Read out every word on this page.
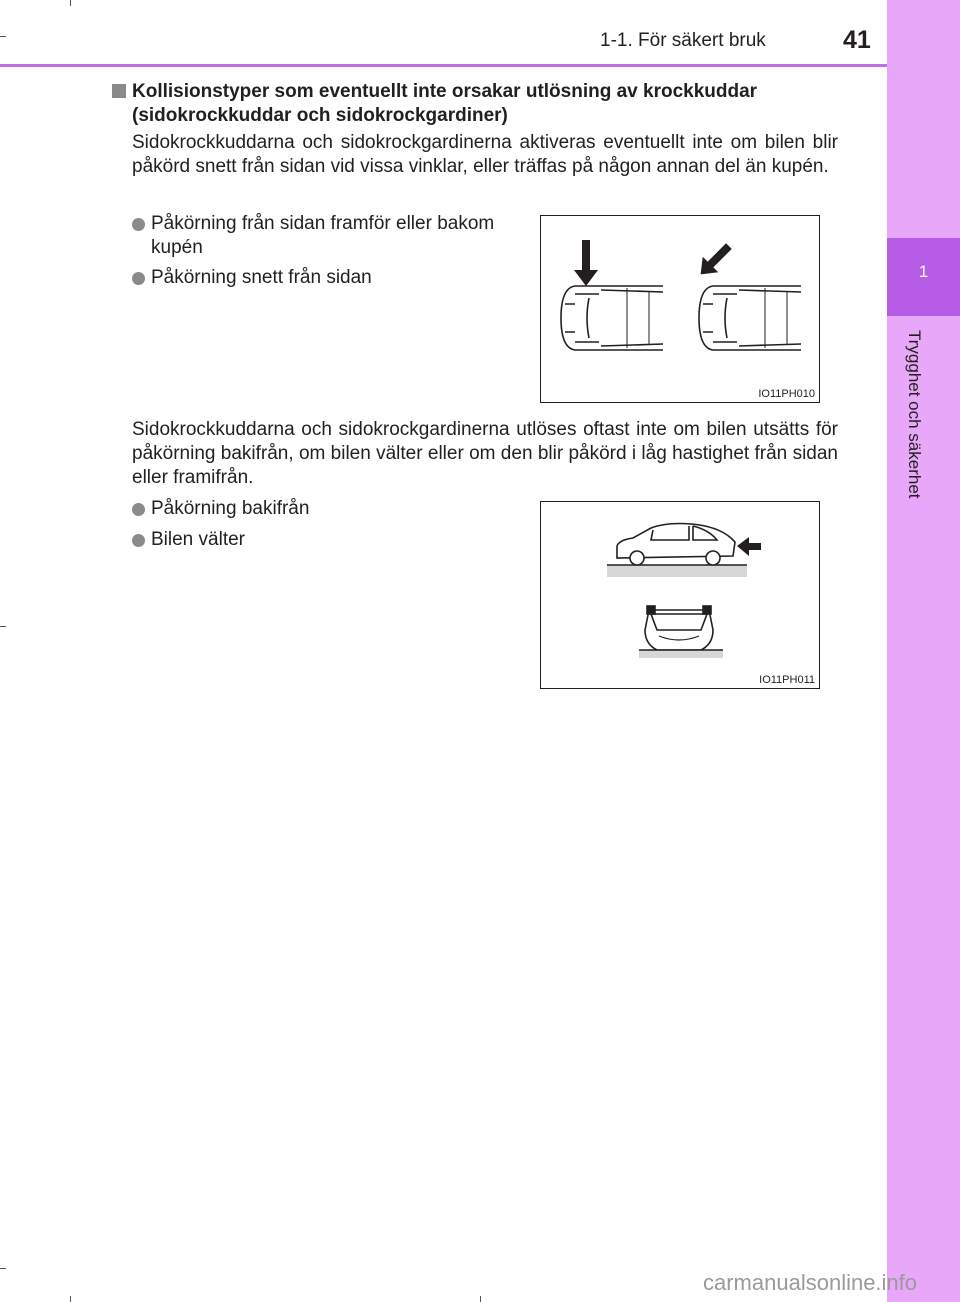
1-1. För säkert bruk	41
1
Trygghet och säkerhet
Kollisionstyper som eventuellt inte orsakar utlösning av krockkuddar (sidokrockkuddar och sidokrockgardiner)
Sidokrockkuddarna och sidokrockgardinerna aktiveras eventuellt inte om bilen blir påkörd snett från sidan vid vissa vinklar, eller träffas på någon annan del än kupén.
Påkörning från sidan framför eller bakom kupén
Påkörning snett från sidan
IO11PH010
Sidokrockkuddarna och sidokrockgardinerna utlöses oftast inte om bilen utsätts för påkörning bakifrån, om bilen välter eller om den blir påkörd i låg hastighet från sidan eller framifrån.
Påkörning bakifrån
Bilen välter
IO11PH011
carmanualsonline.info
